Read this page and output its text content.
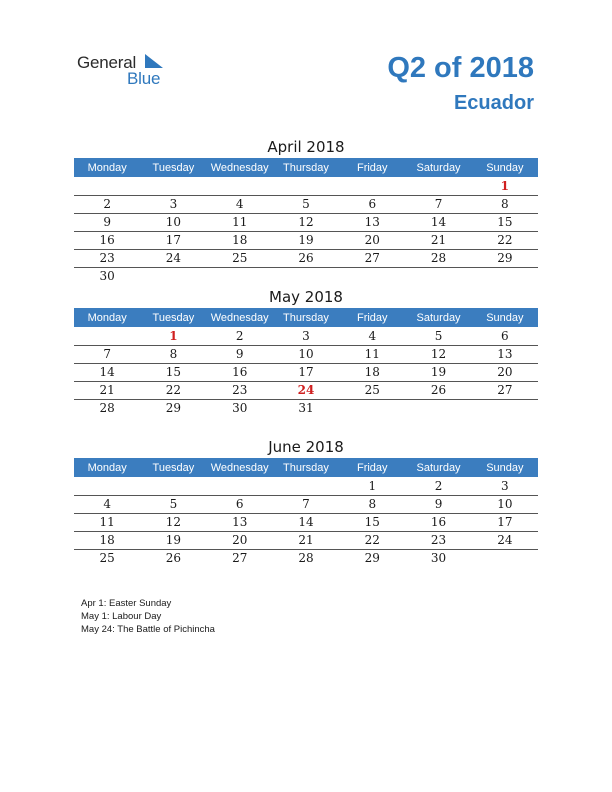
General
Blue	Q2 of 2018
Ecuador
April 2018
Monday	Tuesday	Wednesday	Thursday	Friday	Saturday	Sunday
						1
2	3	4	5	6	7	8
9	10	11	12	13	14	15
16	17	18	19	20	21	22
23	24	25	26	27	28	29
30						
May 2018
Monday	Tuesday	Wednesday	Thursday	Friday	Saturday	Sunday
	1	2	3	4	5	6
7	8	9	10	11	12	13
14	15	16	17	18	19	20
21	22	23	24	25	26	27
28	29	30	31			
June 2018
Monday	Tuesday	Wednesday	Thursday	Friday	Saturday	Sunday
				1	2	3
4	5	6	7	8	9	10
11	12	13	14	15	16	17
18	19	20	21	22	23	24
25	26	27	28	29	30	
Apr 1: Easter Sunday
May 1: Labour Day
May 24: The Battle of Pichincha
